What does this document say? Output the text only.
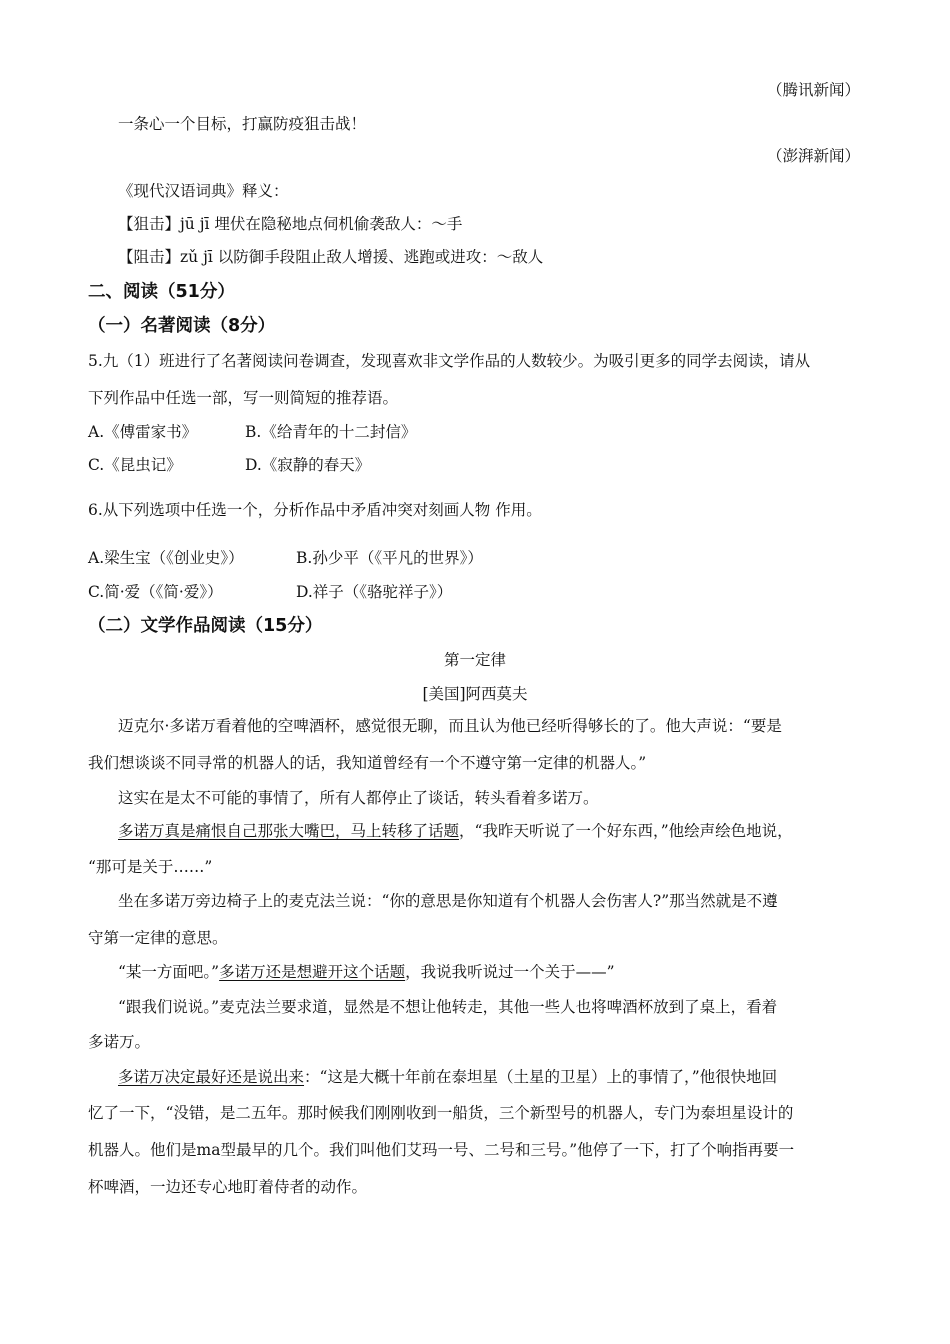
（腾讯新闻）
一条心一个目标，打赢防疫狙击战！
（澎湃新闻）
《现代汉语词典》释义：
【狙击】jū jī 埋伏在隐秘地点伺机偷袭敌人：～手
【阻击】zǔ jī 以防御手段阻止敌人增援、逃跑或进攻：～敌人
二、阅读（51分）
（一）名著阅读（8分）
5.九（1）班进行了名著阅读问卷调查，发现喜欢非文学作品的人数较少。为吸引更多的同学去阅读，请从
下列作品中任选一部，写一则简短的推荐语。
A.《傅雷家书》	B.《给青年的十二封信》
C.《昆虫记》	D.《寂静的春天》
6.从下列选项中任选一个，分析作品中矛盾冲突对刻画人物 作用。
A.梁生宝（《创业史》）	B.孙少平（《平凡的世界》）
C.简·爱（《简·爱》）	D.祥子（《骆驼祥子》）
（二）文学作品阅读（15分）
第一定律
[美国]阿西莫夫
迈克尔·多诺万看着他的空啤酒杯，感觉很无聊，而且认为他已经听得够长的了。他大声说：“要是
我们想谈谈不同寻常的机器人的话，我知道曾经有一个不遵守第一定律的机器人。”
这实在是太不可能的事情了，所有人都停止了谈话，转头看着多诺万。
多诺万真是痛恨自己那张大嘴巴，马上转移了话题，“我昨天听说了一个好东西，”他绘声绘色地说，
“那可是关于……”
坐在多诺万旁边椅子上的麦克法兰说：“你的意思是你知道有个机器人会伤害人?”那当然就是不遵
守第一定律的意思。
“某一方面吧。”多诺万还是想避开这个话题，我说我听说过一个关于——”
“跟我们说说。”麦克法兰要求道，显然是不想让他转走，其他一些人也将啤酒杯放到了桌上，看着
多诺万。
多诺万决定最好还是说出来：“这是大概十年前在泰坦星（土星的卫星）上的事情了，”他很快地回
忆了一下，“没错，是二五年。那时候我们刚刚收到一船货，三个新型号的机器人，专门为泰坦星设计的
机器人。他们是ma型最早的几个。我们叫他们艾玛一号、二号和三号。”他停了一下，打了个响指再要一
杯啤酒，一边还专心地盯着侍者的动作。
